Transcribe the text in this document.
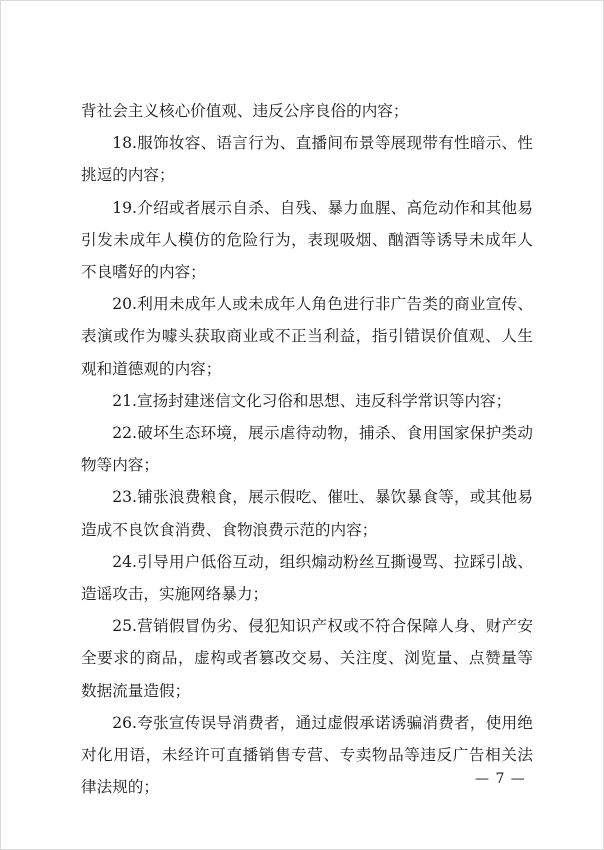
背社会主义核心价值观、违反公序良俗的内容；

18.服饰妆容、语言行为、直播间布景等展现带有性暗示、性挑逗的内容；

19.介绍或者展示自杀、自残、暴力血腥、高危动作和其他易引发未成年人模仿的危险行为，表现吸烟、酗酒等诱导未成年人不良嗜好的内容；

20.利用未成年人或未成年人角色进行非广告类的商业宣传、表演或作为噱头获取商业或不正当利益，指引错误价值观、人生观和道德观的内容；

21.宣扬封建迷信文化习俗和思想、违反科学常识等内容；

22.破坏生态环境，展示虐待动物，捕杀、食用国家保护类动物等内容；

23.铺张浪费粮食，展示假吃、催吐、暴饮暴食等，或其他易造成不良饮食消费、食物浪费示范的内容；

24.引导用户低俗互动，组织煽动粉丝互撕谩骂、拉踩引战、造谣攻击，实施网络暴力；

25.营销假冒伪劣、侵犯知识产权或不符合保障人身、财产安全要求的商品，虚构或者篡改交易、关注度、浏览量、点赞量等数据流量造假；

26.夸张宣传误导消费者，通过虚假承诺诱骗消费者，使用绝对化用语，未经许可直播销售专营、专卖物品等违反广告相关法律法规的；	— 7 —
